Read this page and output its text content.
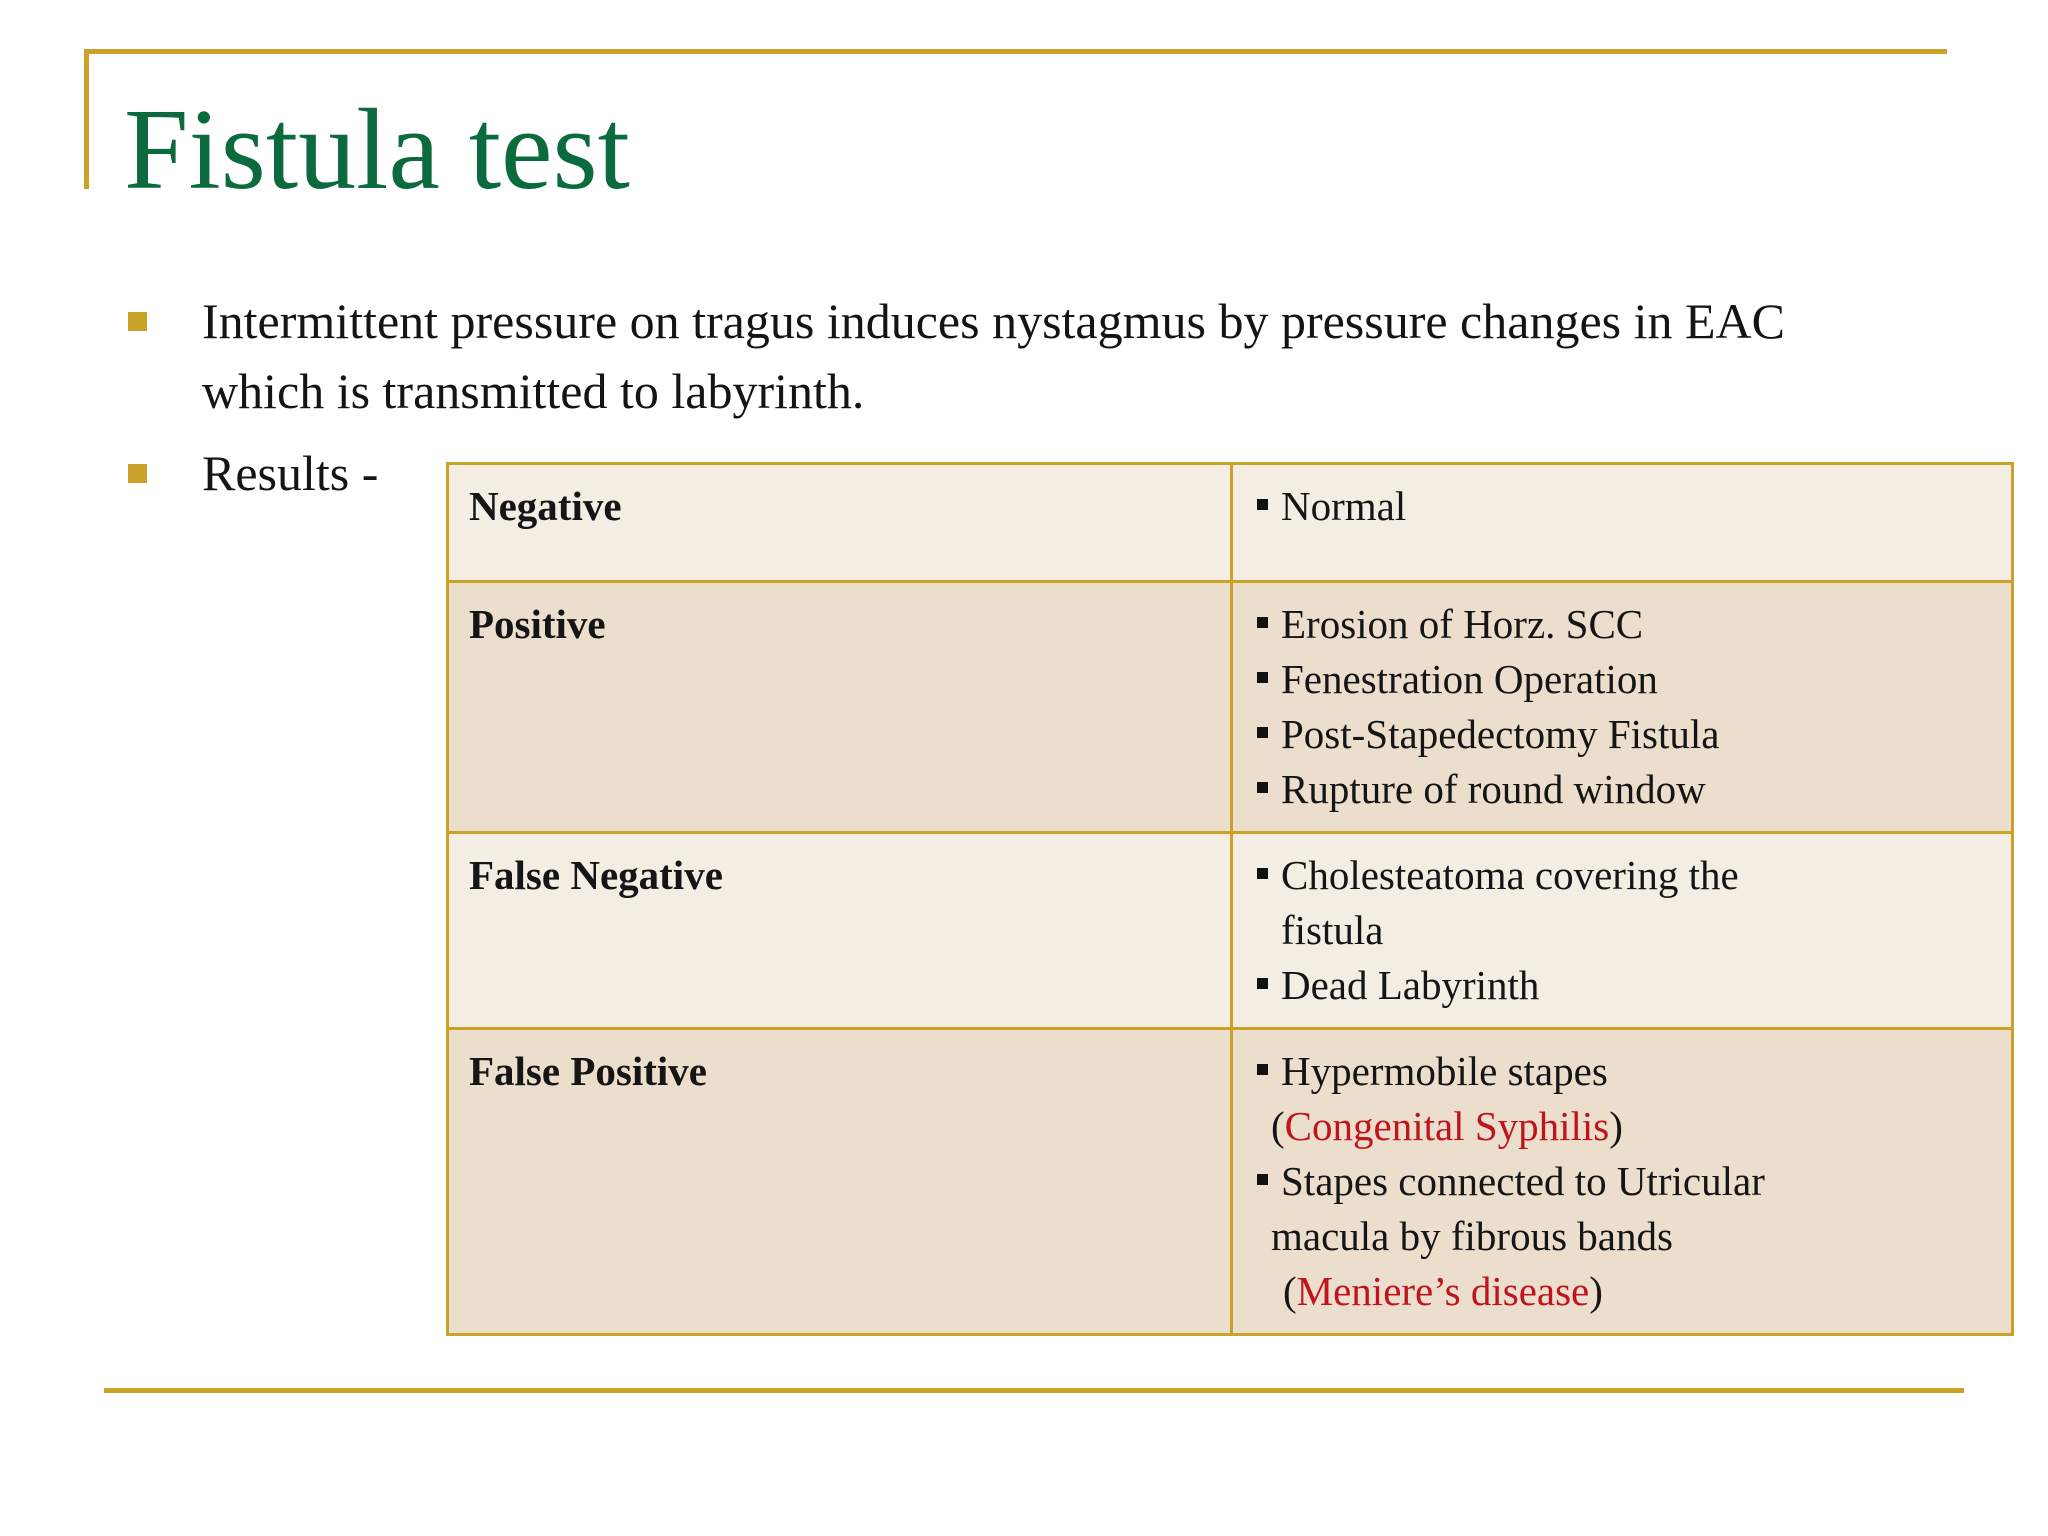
Fistula test
Intermittent pressure on tragus induces nystagmus by pressure changes in EAC which is transmitted to labyrinth.
Results -
Negative	Normal

Positive	Erosion of Horz. SCC
Fenestration Operation
Post-Stapedectomy Fistula
Rupture of round window

False Negative	Cholesteatoma covering the
fistula
Dead Labyrinth

False Positive	Hypermobile stapes
(Congenital Syphilis)
Stapes connected to Utricular
macula by fibrous bands
(Meniere’s disease)
